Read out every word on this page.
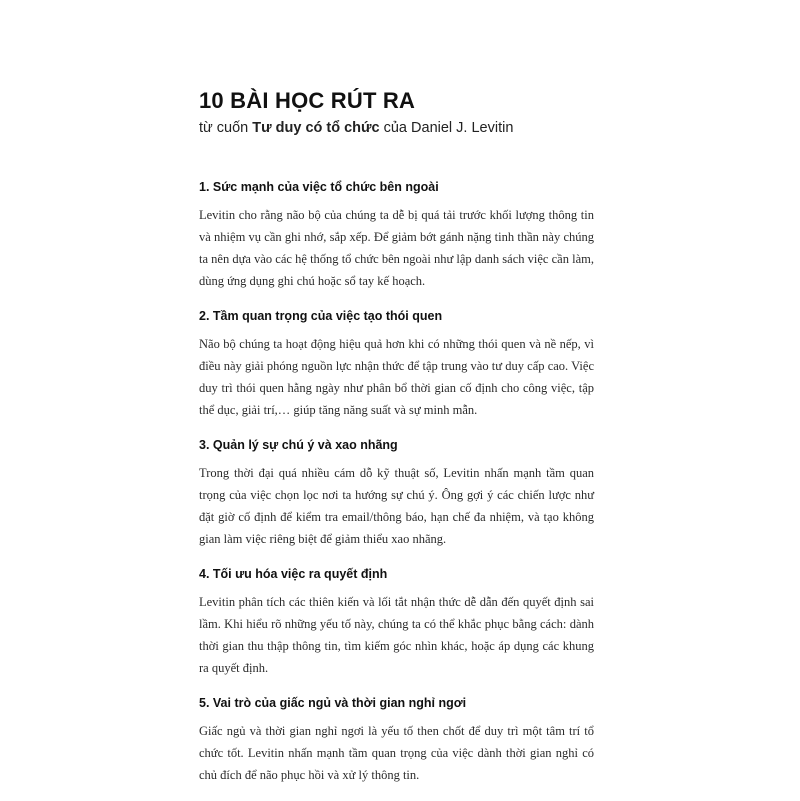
10 BÀI HỌC RÚT RA

từ cuốn Tư duy có tổ chức của Daniel J. Levitin

1. Sức mạnh của việc tổ chức bên ngoài

Levitin cho rằng não bộ của chúng ta dễ bị quá tải trước khối lượng thông tin và nhiệm vụ cần ghi nhớ, sắp xếp. Để giảm bớt gánh nặng tinh thần này chúng ta nên dựa vào các hệ thống tổ chức bên ngoài như lập danh sách việc cần làm, dùng ứng dụng ghi chú hoặc sổ tay kế hoạch.

2. Tầm quan trọng của việc tạo thói quen

Não bộ chúng ta hoạt động hiệu quả hơn khi có những thói quen và nề nếp, vì điều này giải phóng nguồn lực nhận thức để tập trung vào tư duy cấp cao. Việc duy trì thói quen hằng ngày như phân bổ thời gian cố định cho công việc, tập thể dục, giải trí,… giúp tăng năng suất và sự minh mẫn.

3. Quản lý sự chú ý và xao nhãng

Trong thời đại quá nhiều cám dỗ kỹ thuật số, Levitin nhấn mạnh tầm quan trọng của việc chọn lọc nơi ta hướng sự chú ý. Ông gợi ý các chiến lược như đặt giờ cố định để kiểm tra email/thông báo, hạn chế đa nhiệm, và tạo không gian làm việc riêng biệt để giảm thiểu xao nhãng.

4. Tối ưu hóa việc ra quyết định

Levitin phân tích các thiên kiến và lối tắt nhận thức dễ dẫn đến quyết định sai lầm. Khi hiểu rõ những yếu tố này, chúng ta có thể khắc phục bằng cách: dành thời gian thu thập thông tin, tìm kiếm góc nhìn khác, hoặc áp dụng các khung ra quyết định.

5. Vai trò của giấc ngủ và thời gian nghỉ ngơi

Giấc ngủ và thời gian nghỉ ngơi là yếu tố then chốt để duy trì một tâm trí tổ chức tốt. Levitin nhấn mạnh tầm quan trọng của việc dành thời gian nghỉ có chủ đích để não phục hồi và xử lý thông tin.
